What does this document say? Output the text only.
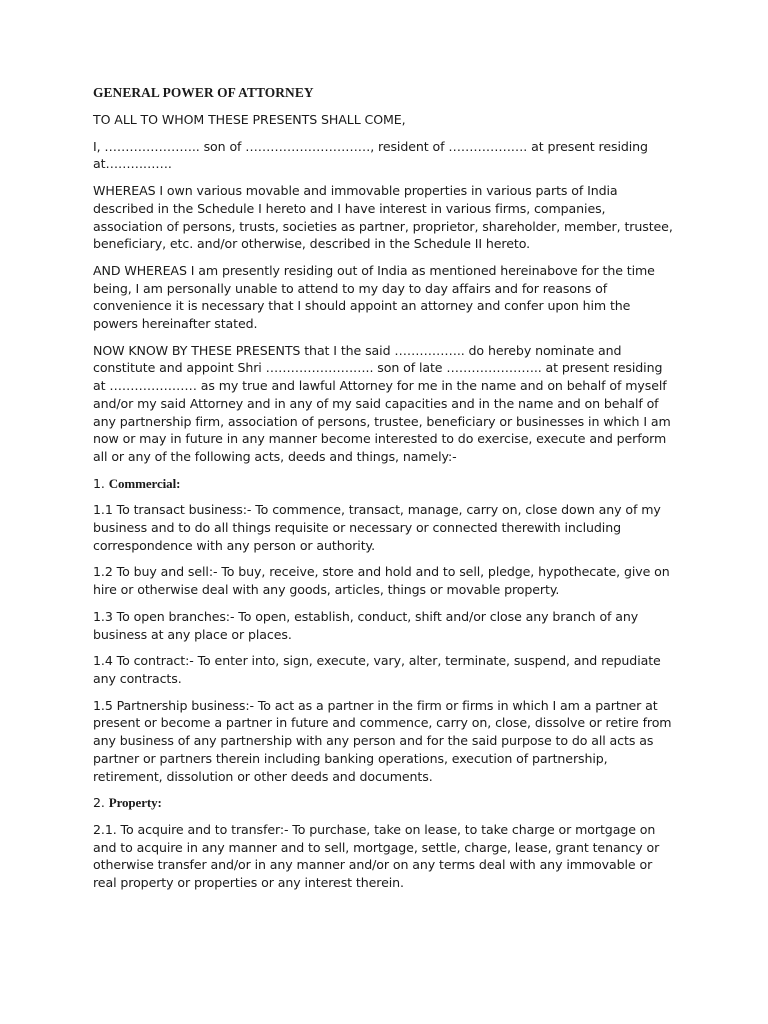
GENERAL POWER OF ATTORNEY

TO ALL TO WHOM THESE PRESENTS SHALL COME,

I, ………………….. son of …………………………, resident of ………………. at present residing at…………….

WHEREAS I own various movable and immovable properties in various parts of India described in the Schedule I hereto and I have interest in various firms, companies, association of persons, trusts, societies as partner, proprietor, shareholder, member, trustee, beneficiary, etc. and/or otherwise, described in the Schedule II hereto.

AND WHEREAS I am presently residing out of India as mentioned hereinabove for the time being, I am personally unable to attend to my day to day affairs and for reasons of convenience it is necessary that I should appoint an attorney and confer upon him the powers hereinafter stated.

NOW KNOW BY THESE PRESENTS that I the said …………….. do hereby nominate and constitute and appoint Shri …………………….. son of late ………………….. at present residing at ………………… as my true and lawful Attorney for me in the name and on behalf of myself and/or my said Attorney and in any of my said capacities and in the name and on behalf of any partnership firm, association of persons, trustee, beneficiary or businesses in which I am now or may in future in any manner become interested to do exercise, execute and perform all or any of the following acts, deeds and things, namely:-

1. Commercial:

1.1 To transact business:- To commence, transact, manage, carry on, close down any of my business and to do all things requisite or necessary or connected therewith including correspondence with any person or authority.

1.2 To buy and sell:- To buy, receive, store and hold and to sell, pledge, hypothecate, give on hire or otherwise deal with any goods, articles, things or movable property.

1.3 To open branches:- To open, establish, conduct, shift and/or close any branch of any business at any place or places.

1.4 To contract:- To enter into, sign, execute, vary, alter, terminate, suspend, and repudiate any contracts.

1.5 Partnership business:- To act as a partner in the firm or firms in which I am a partner at present or become a partner in future and commence, carry on, close, dissolve or retire from any business of any partnership with any person and for the said purpose to do all acts as partner or partners therein including banking operations, execution of partnership, retirement, dissolution or other deeds and documents.

2. Property:

2.1. To acquire and to transfer:- To purchase, take on lease, to take charge or mortgage on and to acquire in any manner and to sell, mortgage, settle, charge, lease, grant tenancy or otherwise transfer and/or in any manner and/or on any terms deal with any immovable or real property or properties or any interest therein.
